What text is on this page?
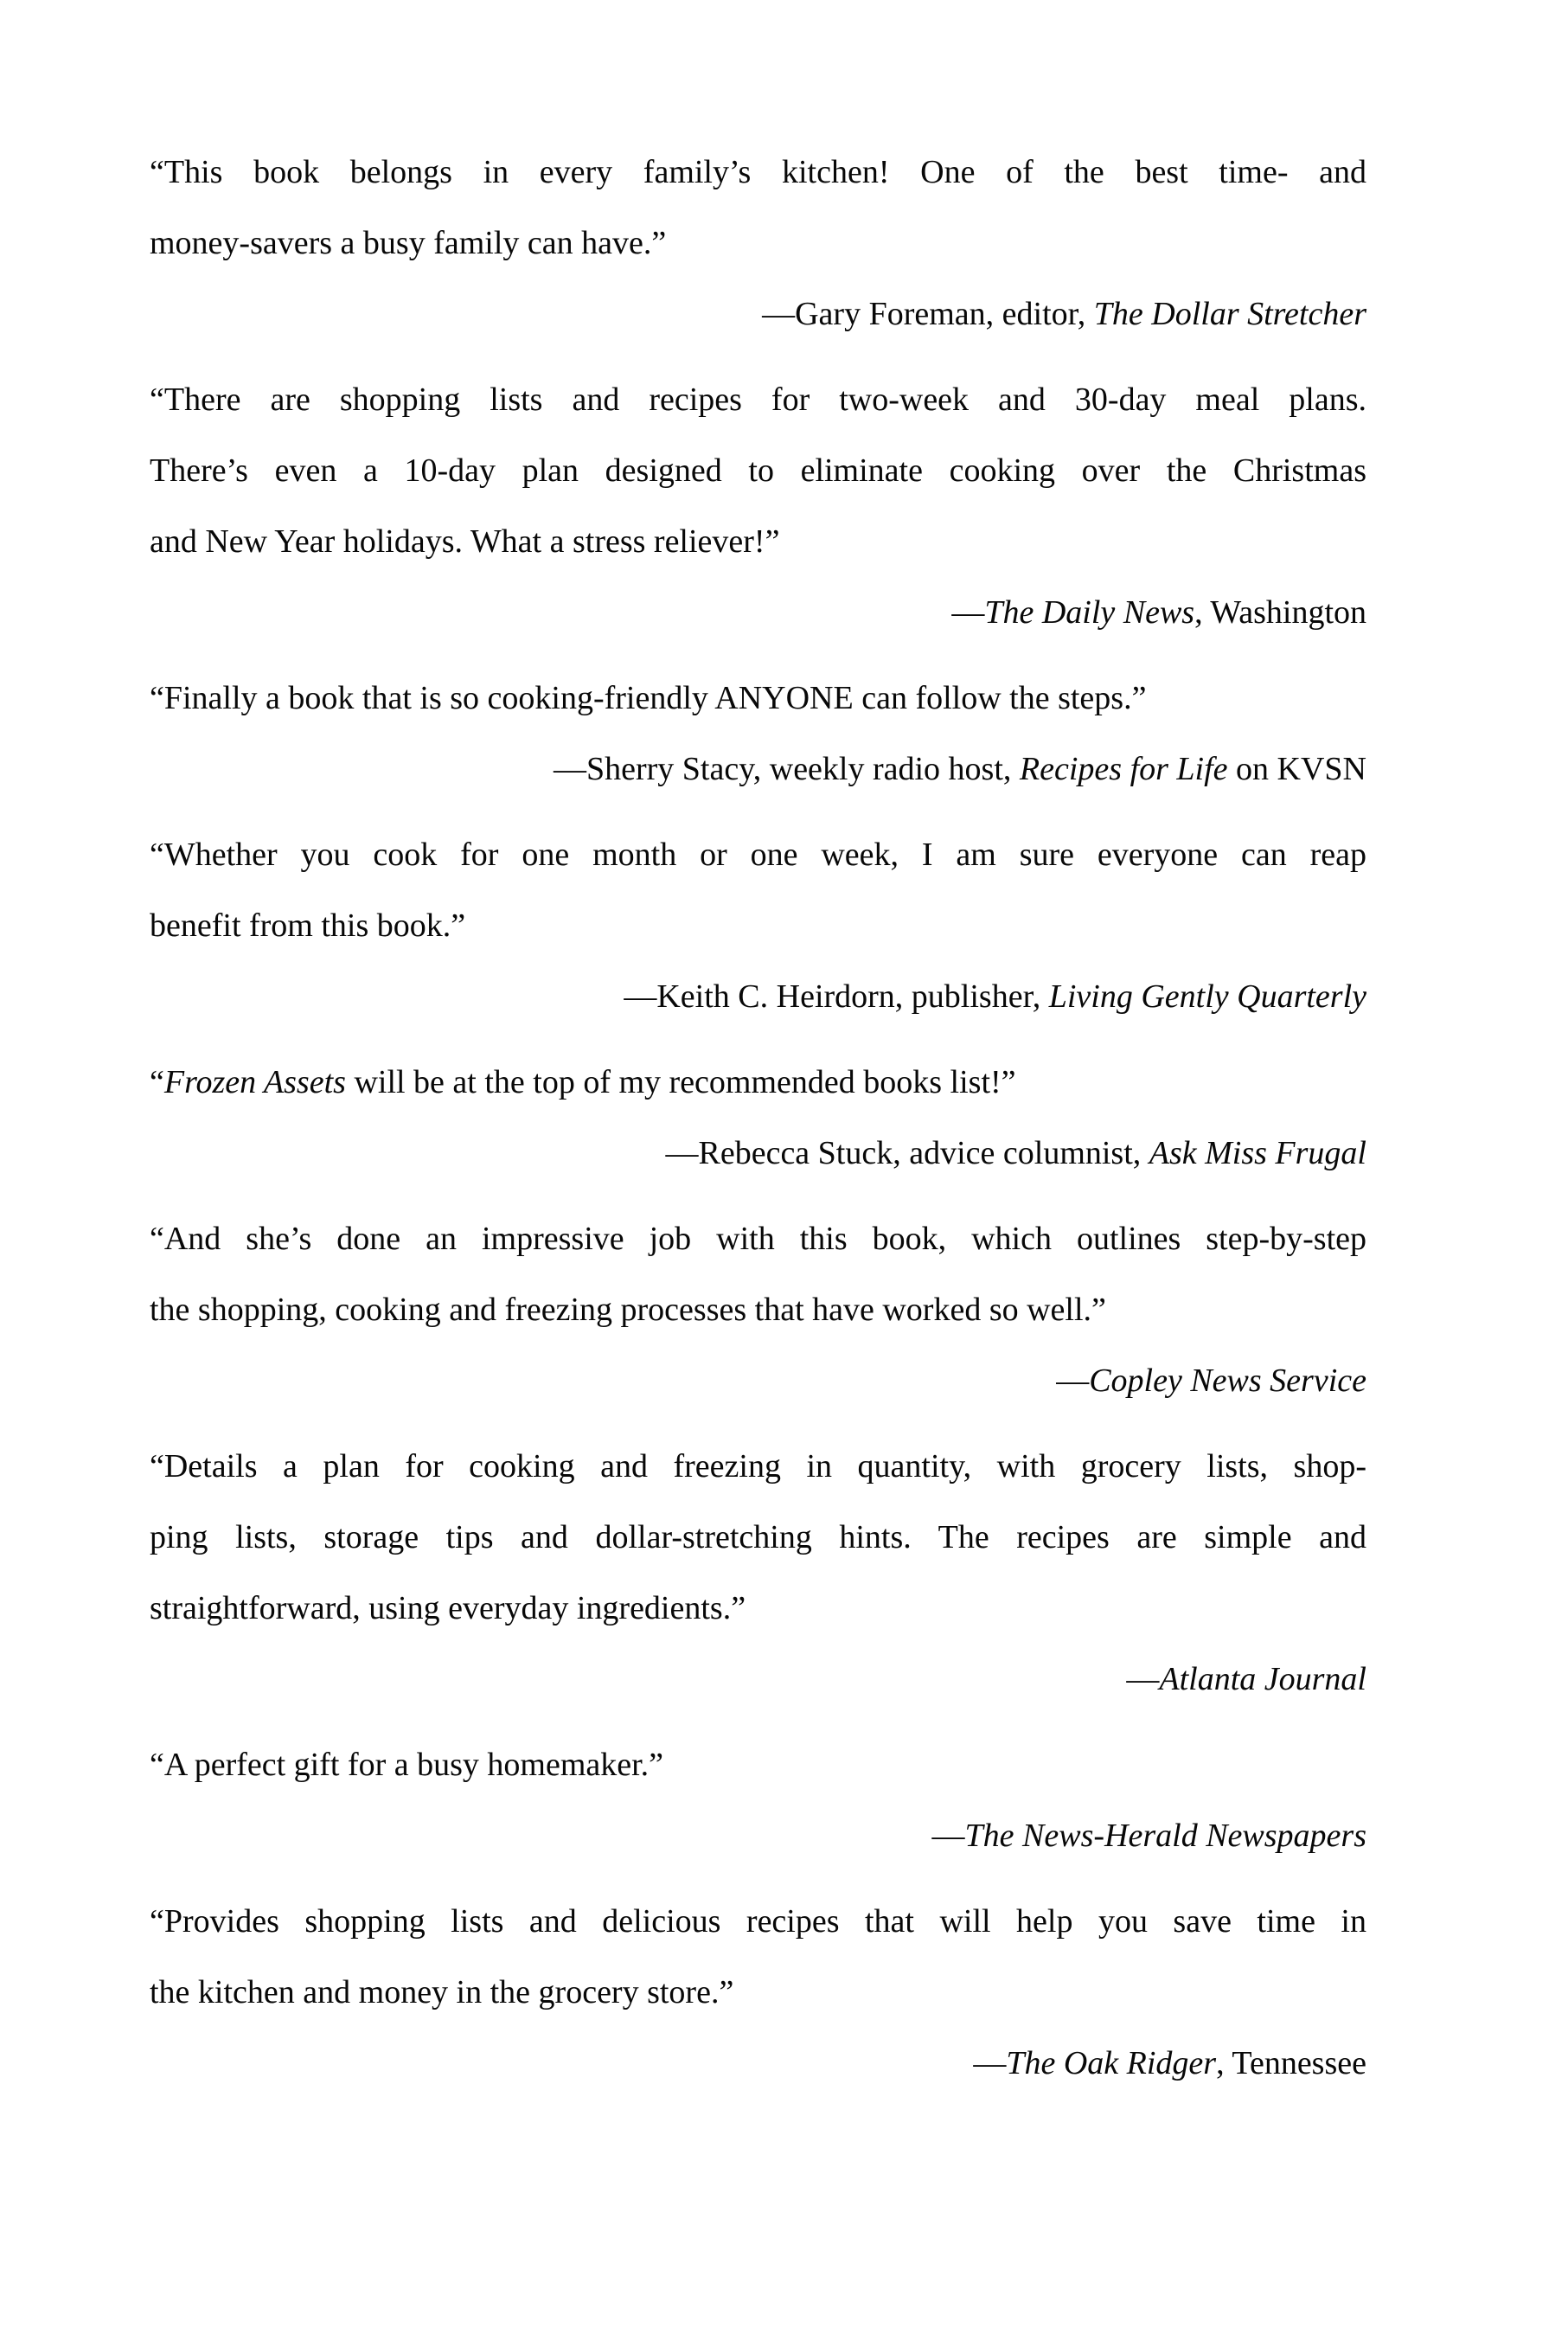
“This book belongs in every family’s kitchen! One of the best time- and
money-savers a busy family can have.”
—Gary Foreman, editor, The Dollar Stretcher
“There are shopping lists and recipes for two-week and 30-day meal plans.
There’s even a 10-day plan designed to eliminate cooking over the Christmas
and New Year holidays. What a stress reliever!”
—The Daily News, Washington
“Finally a book that is so cooking-friendly ANYONE can follow the steps.”
—Sherry Stacy, weekly radio host, Recipes for Life on KVSN
“Whether you cook for one month or one week, I am sure everyone can reap
benefit from this book.”
—Keith C. Heirdorn, publisher, Living Gently Quarterly
“Frozen Assets will be at the top of my recommended books list!”
—Rebecca Stuck, advice columnist, Ask Miss Frugal
“And she’s done an impressive job with this book, which outlines step-by-step
the shopping, cooking and freezing processes that have worked so well.”
—Copley News Service
“Details a plan for cooking and freezing in quantity, with grocery lists, shop-
ping lists, storage tips and dollar-stretching hints. The recipes are simple and
straightforward, using everyday ingredients.”
—Atlanta Journal
“A perfect gift for a busy homemaker.”
—The News-Herald Newspapers
“Provides shopping lists and delicious recipes that will help you save time in
the kitchen and money in the grocery store.”
—The Oak Ridger, Tennessee
